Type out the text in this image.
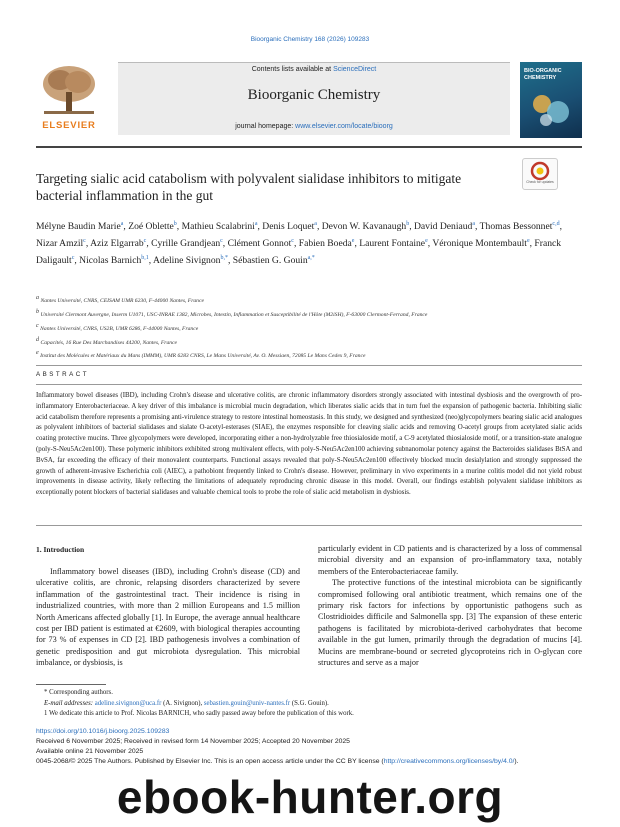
Bioorganic Chemistry 168 (2026) 109283
Contents lists available at ScienceDirect
Bioorganic Chemistry
journal homepage: www.elsevier.com/locate/bioorg
ELSEVIER
BIO-ORGANIC CHEMISTRY
Targeting sialic acid catabolism with polyvalent sialidase inhibitors to mitigate bacterial inflammation in the gut
Check for updates
Mélyne Baudin Marie$^a$, Zoé Oblette$^b$, Mathieu Scalabrini$^a$, Denis Loquet$^a$, Devon W. Kavanaugh$^b$, David Deniaud$^a$, Thomas Bessonnet$^{c,d}$, Nizar Amzil$^c$, Aziz Elgarrab$^c$, Cyrille Grandjean$^c$, Clément Gonnot$^c$, Fabien Boeda$^e$, Laurent Fontaine$^e$, Véronique Montembault$^e$, Franck Daligault$^c$, Nicolas Barnich$^{b,1}$, Adeline Sivignon$^{b,*}$, Sébastien G. Gouin$^{a,*}$
$^a$ Nantes Université, CNRS, CEISAM UMR 6230, F-44000 Nantes, France
$^b$ Université Clermont Auvergne, Inserm U1071, USC-INRAE 1382, Microbes, Intestin, Inflammation et Susceptibilité de l'Hôte (M2iSH), F-63000 Clermont-Ferrand, France
$^c$ Nantes Université, CNRS, US2B, UMR 6286, F-44000 Nantes, France
$^d$ Capacités, 16 Rue Des Marchandises 44200, Nantes, France
$^e$ Institut des Molécules et Matériaux du Mans (IMMM), UMR 6283 CNRS, Le Mans Université, Av. O. Messiaen, 72085 Le Mans Cedex 9, France
ABSTRACT
Inflammatory bowel diseases (IBD), including Crohn's disease and ulcerative colitis, are chronic inflammatory disorders strongly associated with intestinal dysbiosis and the overgrowth of pro-inflammatory Enterobacteriaceae. A key driver of this imbalance is microbial mucin degradation, which liberates sialic acids that in turn fuel the expansion of pathogenic bacteria. Inhibiting sialic acid catabolism therefore represents a promising anti-virulence strategy to restore intestinal homeostasis. In this study, we designed and synthesized (neo)glycopolymers bearing sialic acid analogues as polyvalent inhibitors of bacterial sialidases and sialate O-acetyl-esterases (SIAE), the enzymes responsible for cleaving sialic acids and removing O-acetyl groups from acetylated sialic acids coating protective mucins. Three glycopolymers were developed, incorporating either a non-hydrolyzable free thiosialoside motif, a C-9 acetylated thiosialoside motif, or a transition-state analogue (poly-S-Neu5Ac2en100). These polymeric inhibitors exhibited strong multivalent effects, with poly-S-Neu5Ac2en100 achieving subnanomolar potency against the Bacteroides sialidases BtSA and BvSA, far exceeding the efficacy of their monovalent counterparts. Functional assays revealed that poly-S-Neu5Ac2en100 effectively blocked mucin desialylation and strongly suppressed the growth of adherent-invasive Escherichia coli (AIEC), a pathobiont frequently linked to Crohn's disease. However, preliminary in vivo experiments in a murine colitis model did not yield robust improvements in disease activity, likely reflecting the limitations of adequately reproducing chronic disease in this model. Overall, our findings establish polyvalent sialidase inhibitors as exceptionally potent blockers of bacterial sialidases and valuable chemical tools to probe the role of sialic acid metabolism in dysbiosis.
1. Introduction
Inflammatory bowel diseases (IBD), including Crohn's disease (CD) and ulcerative colitis, are chronic, relapsing disorders characterized by severe inflammation of the gastrointestinal tract. Their incidence is rising in industrialized countries, with more than 2 million Europeans and 1.5 million North Americans affected globally [1]. In Europe, the average annual healthcare cost per IBD patient is estimated at €2609, with biological therapies accounting for 73 % of expenses in CD [2]. IBD pathogenesis involves a combination of genetic predisposition and gut microbiota dysregulation. This microbial imbalance, or dysbiosis, is

particularly evident in CD patients and is characterized by a loss of commensal microbial diversity and an expansion of pro-inflammatory taxa, notably members of the Enterobacteriaceae family.

The protective functions of the intestinal microbiota can be significantly compromised following oral antibiotic treatment, which remains one of the primary risk factors for infections by opportunistic pathogens such as Clostridioides difficile and Salmonella spp. [3] The expansion of these enteric pathogens is facilitated by microbiota-derived carbohydrates that become available in the gut lumen, primarily through the degradation of mucins [4]. Mucins are membrane-bound or secreted glycoproteins rich in O-glycan core structures and serve as a major

* Corresponding authors.
E-mail addresses: adeline.sivignon@uca.fr (A. Sivignon), sebastien.gouin@univ-nantes.fr (S.G. Gouin).
1 We dedicate this article to Prof. Nicolas BARNICH, who sadly passed away before the publication of this work.
https://doi.org/10.1016/j.bioorg.2025.109283
Received 6 November 2025; Received in revised form 14 November 2025; Accepted 20 November 2025
Available online 21 November 2025
0045-2068/© 2025 The Authors. Published by Elsevier Inc. This is an open access article under the CC BY license (http://creativecommons.org/licenses/by/4.0/).
ebook-hunter.org
